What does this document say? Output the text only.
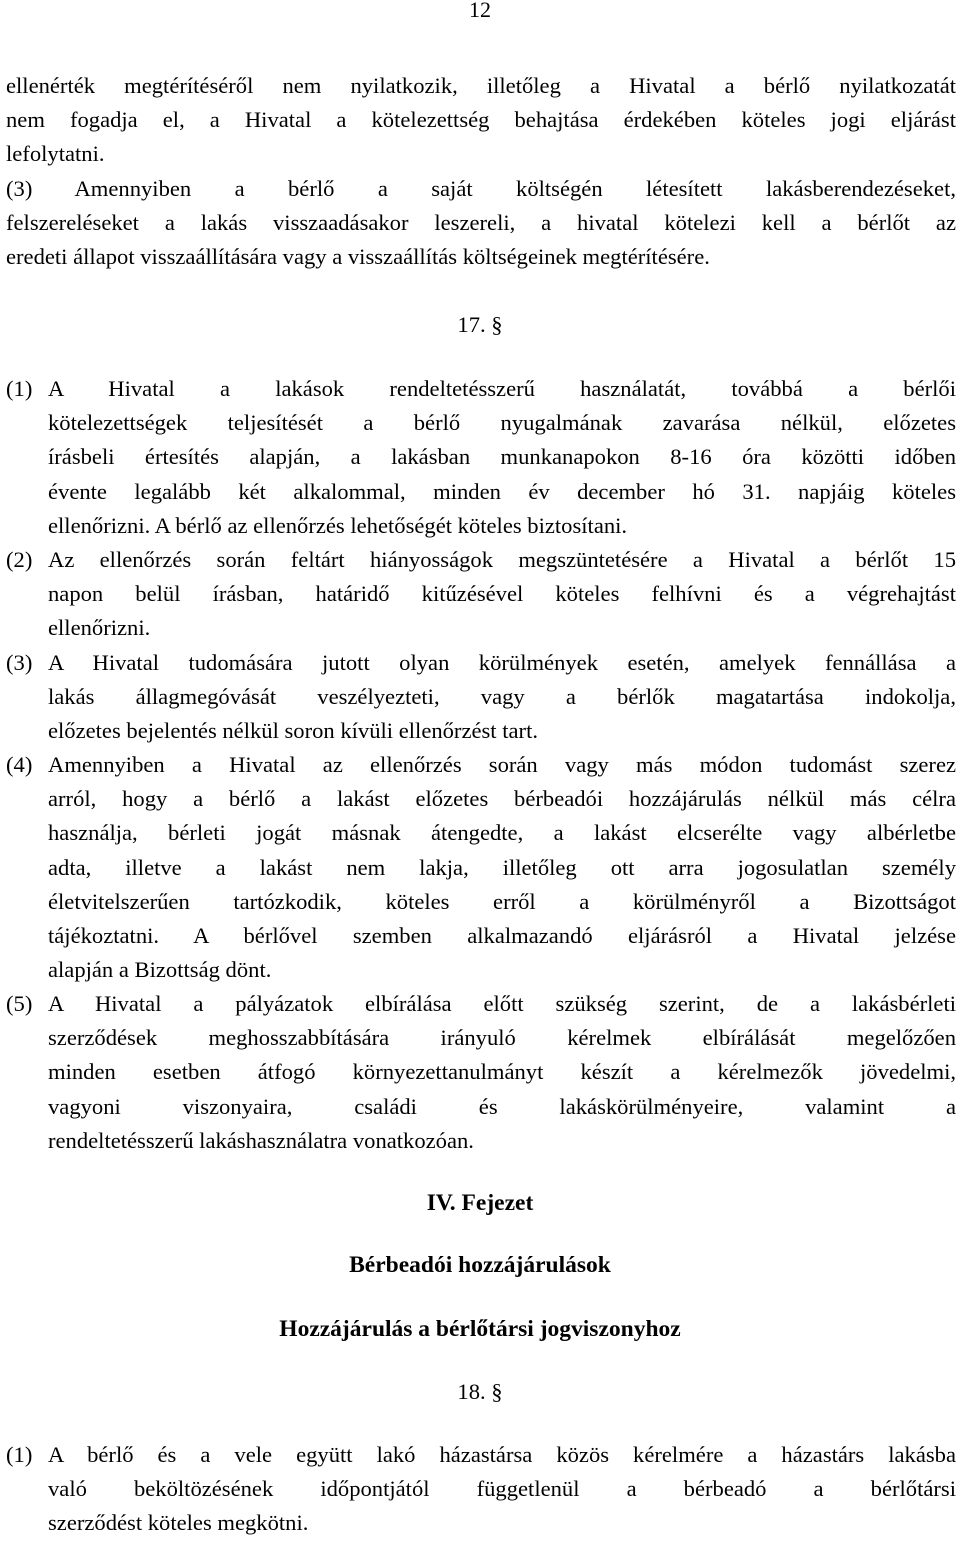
12
ellenérték megtérítéséről nem nyilatkozik, illetőleg a Hivatal a bérlő nyilatkozatát
nem fogadja el, a Hivatal a kötelezettség behajtása érdekében köteles jogi eljárást
lefolytatni.
(3) Amennyiben a bérlő a saját költségén létesített lakásberendezéseket,
felszereléseket a lakás visszaadásakor leszereli, a hivatal kötelezi kell a bérlőt az
eredeti állapot visszaállítására vagy a visszaállítás költségeinek megtérítésére.
17. §
(1) A Hivatal a lakások rendeltetésszerű használatát, továbbá a bérlői
kötelezettségek teljesítését a bérlő nyugalmának zavarása nélkül, előzetes
írásbeli értesítés alapján, a lakásban munkanapokon 8-16 óra közötti időben
évente legalább két alkalommal, minden év december hó 31. napjáig köteles
ellenőrizni. A bérlő az ellenőrzés lehetőségét köteles biztosítani.
(2) Az ellenőrzés során feltárt hiányosságok megszüntetésére a Hivatal a bérlőt 15
napon belül írásban, határidő kitűzésével köteles felhívni és a végrehajtást
ellenőrizni.
(3) A Hivatal tudomására jutott olyan körülmények esetén, amelyek fennállása a
lakás állagmegóvását veszélyezteti, vagy a bérlők magatartása indokolja,
előzetes bejelentés nélkül soron kívüli ellenőrzést tart.
(4) Amennyiben a Hivatal az ellenőrzés során vagy más módon tudomást szerez
arról, hogy a bérlő a lakást előzetes bérbeadói hozzájárulás nélkül más célra
használja, bérleti jogát másnak átengedte, a lakást elcserélte vagy albérletbe
adta, illetve a lakást nem lakja, illetőleg ott arra jogosulatlan személy
életvitelszerűen tartózkodik, köteles erről a körülményről a Bizottságot
tájékoztatni. A bérlővel szemben alkalmazandó eljárásról a Hivatal jelzése
alapján a Bizottság dönt.
(5) A Hivatal a pályázatok elbírálása előtt szükség szerint, de a lakásbérleti
szerződések meghosszabbítására irányuló kérelmek elbírálását megelőzően
minden esetben átfogó környezettanulmányt készít a kérelmezők jövedelmi,
vagyoni viszonyaira, családi és lakáskörülményeire, valamint a
rendeltetésszerű lakáshasználatra vonatkozóan.
IV. Fejezet
Bérbeadói hozzájárulások
Hozzájárulás a bérlőtársi jogviszonyhoz
18. §
(1) A bérlő és a vele együtt lakó házastársa közös kérelmére a házastárs lakásba
való beköltözésének időpontjától függetlenül a bérbeadó a bérlőtársi
szerződést köteles megkötni.
